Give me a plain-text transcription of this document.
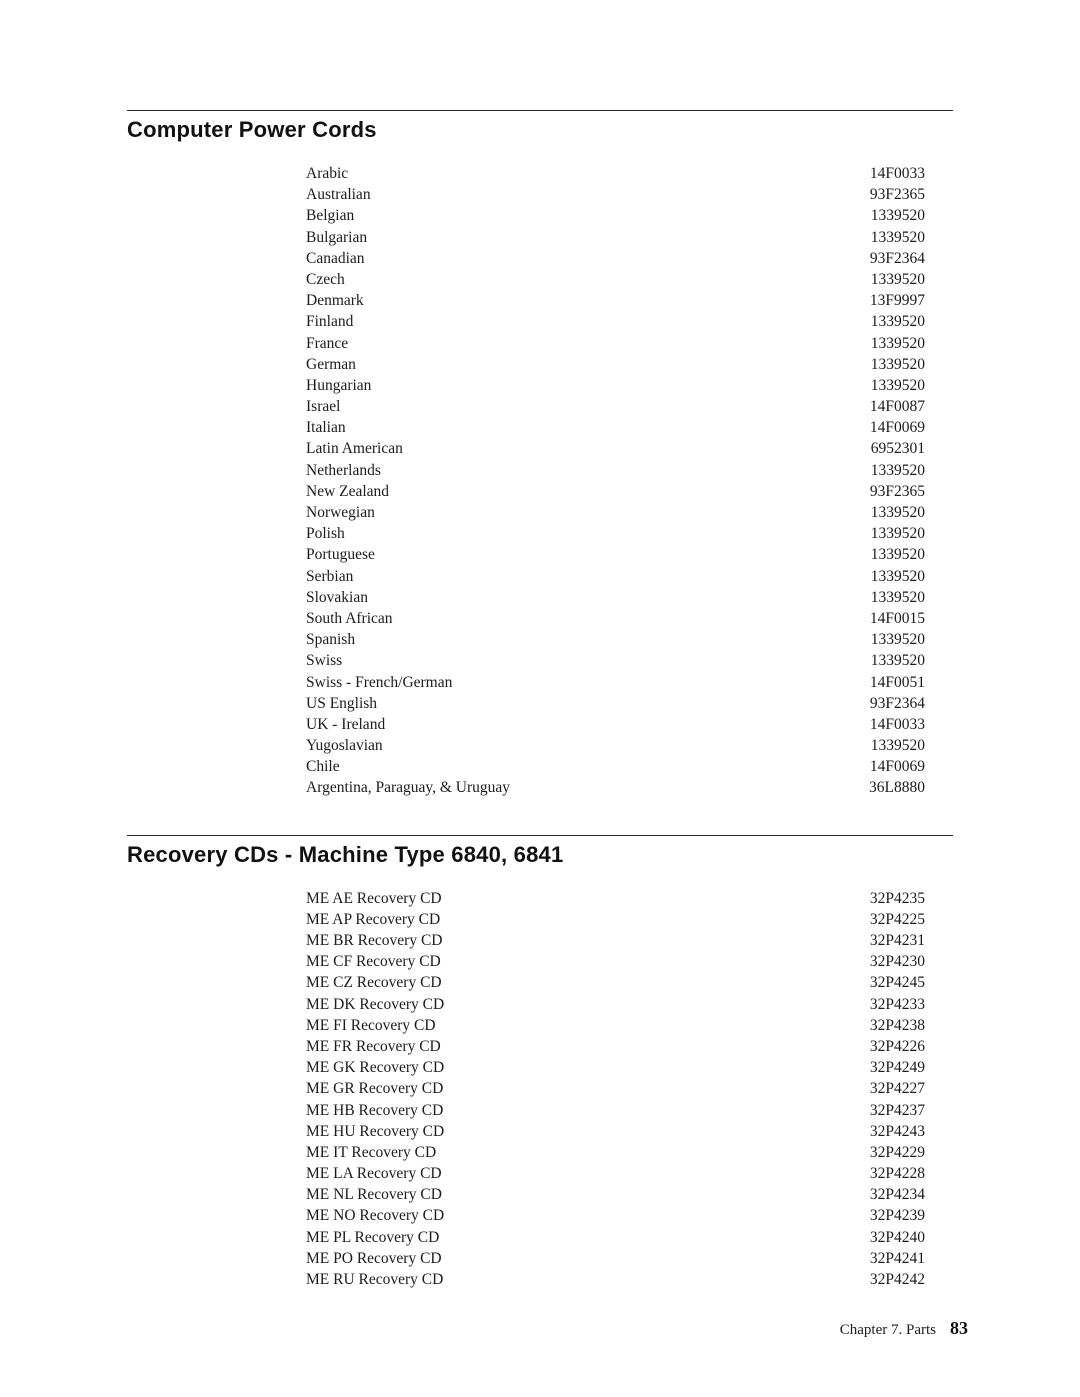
Computer Power Cords
Arabic	14F0033
Australian	93F2365
Belgian	1339520
Bulgarian	1339520
Canadian	93F2364
Czech	1339520
Denmark	13F9997
Finland	1339520
France	1339520
German	1339520
Hungarian	1339520
Israel	14F0087
Italian	14F0069
Latin American	6952301
Netherlands	1339520
New Zealand	93F2365
Norwegian	1339520
Polish	1339520
Portuguese	1339520
Serbian	1339520
Slovakian	1339520
South African	14F0015
Spanish	1339520
Swiss	1339520
Swiss - French/German	14F0051
US English	93F2364
UK - Ireland	14F0033
Yugoslavian	1339520
Chile	14F0069
Argentina, Paraguay, & Uruguay	36L8880
Recovery CDs - Machine Type 6840, 6841
ME AE Recovery CD	32P4235
ME AP Recovery CD	32P4225
ME BR Recovery CD	32P4231
ME CF Recovery CD	32P4230
ME CZ Recovery CD	32P4245
ME DK Recovery CD	32P4233
ME FI Recovery CD	32P4238
ME FR Recovery CD	32P4226
ME GK Recovery CD	32P4249
ME GR Recovery CD	32P4227
ME HB Recovery CD	32P4237
ME HU Recovery CD	32P4243
ME IT Recovery CD	32P4229
ME LA Recovery CD	32P4228
ME NL Recovery CD	32P4234
ME NO Recovery CD	32P4239
ME PL Recovery CD	32P4240
ME PO Recovery CD	32P4241
ME RU Recovery CD	32P4242
Chapter 7. Parts 83
